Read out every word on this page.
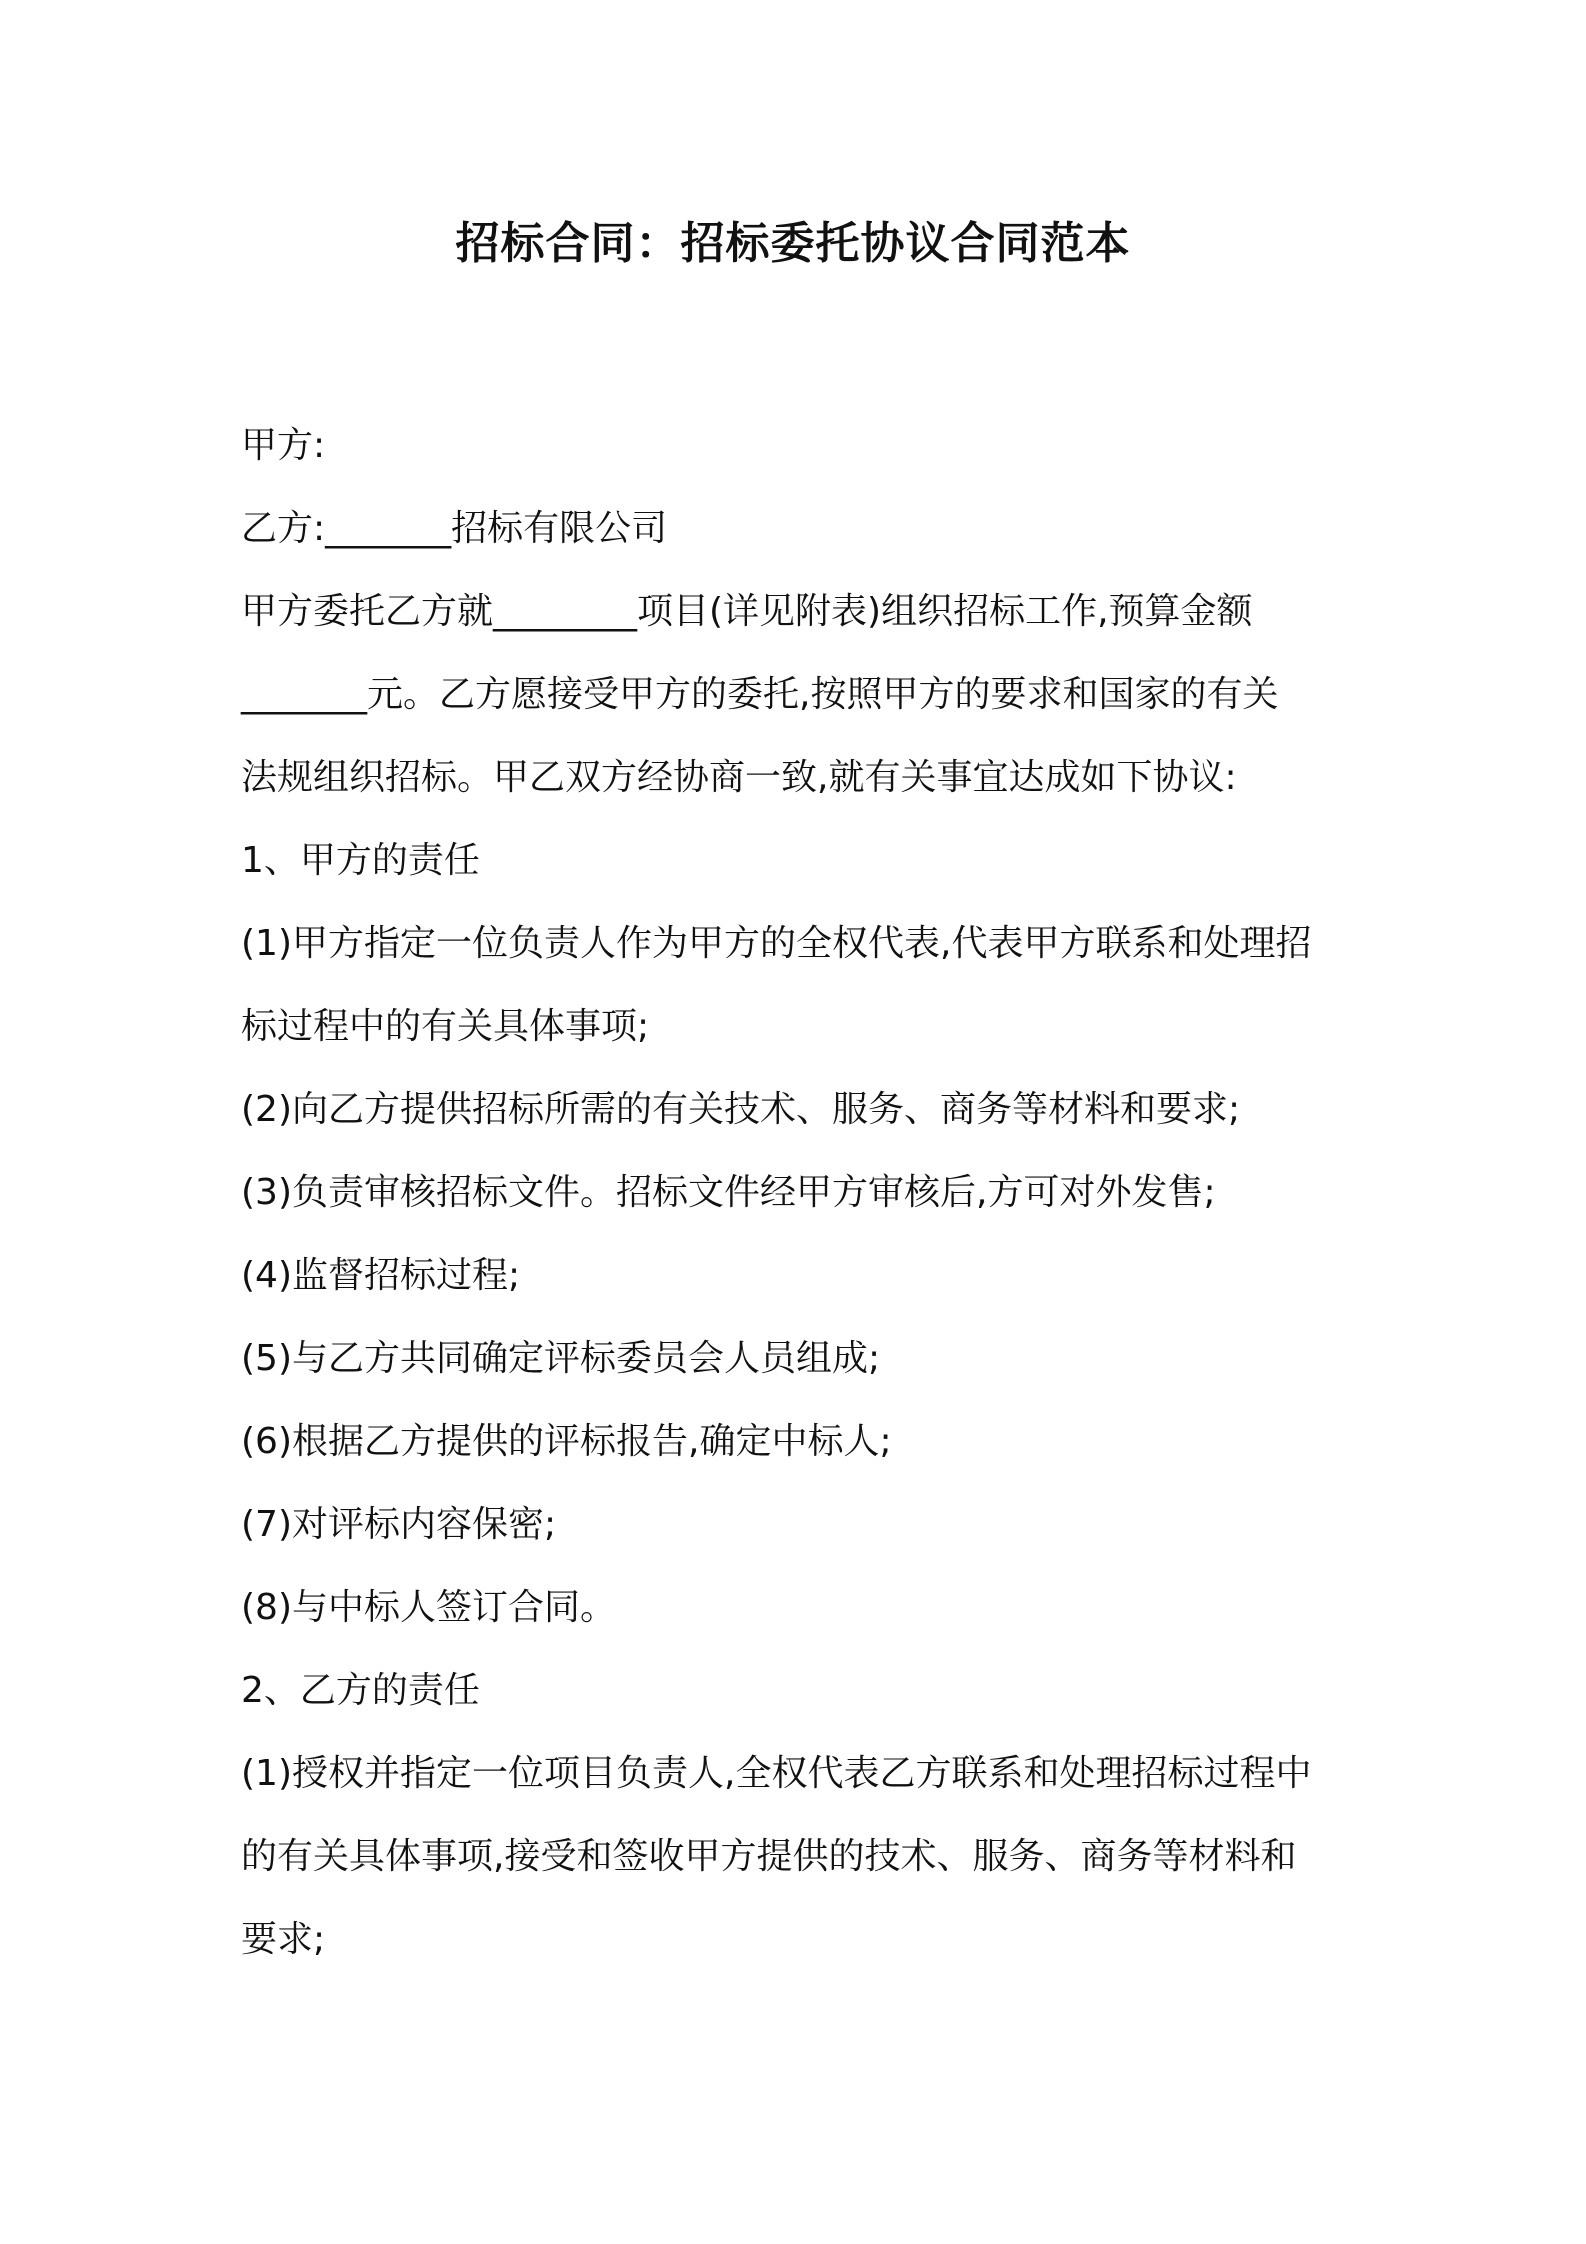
招标合同：招标委托协议合同范本

甲方:

乙方:_______招标有限公司

甲方委托乙方就________项目(详见附表)组织招标工作,预算金额

_______元。乙方愿接受甲方的委托,按照甲方的要求和国家的有关

法规组织招标。甲乙双方经协商一致,就有关事宜达成如下协议:

1、甲方的责任

(1)甲方指定一位负责人作为甲方的全权代表,代表甲方联系和处理招

标过程中的有关具体事项;

(2)向乙方提供招标所需的有关技术、服务、商务等材料和要求;

(3)负责审核招标文件。招标文件经甲方审核后,方可对外发售;

(4)监督招标过程;

(5)与乙方共同确定评标委员会人员组成;

(6)根据乙方提供的评标报告,确定中标人;

(7)对评标内容保密;

(8)与中标人签订合同。

2、乙方的责任

(1)授权并指定一位项目负责人,全权代表乙方联系和处理招标过程中

的有关具体事项,接受和签收甲方提供的技术、服务、商务等材料和

要求;
